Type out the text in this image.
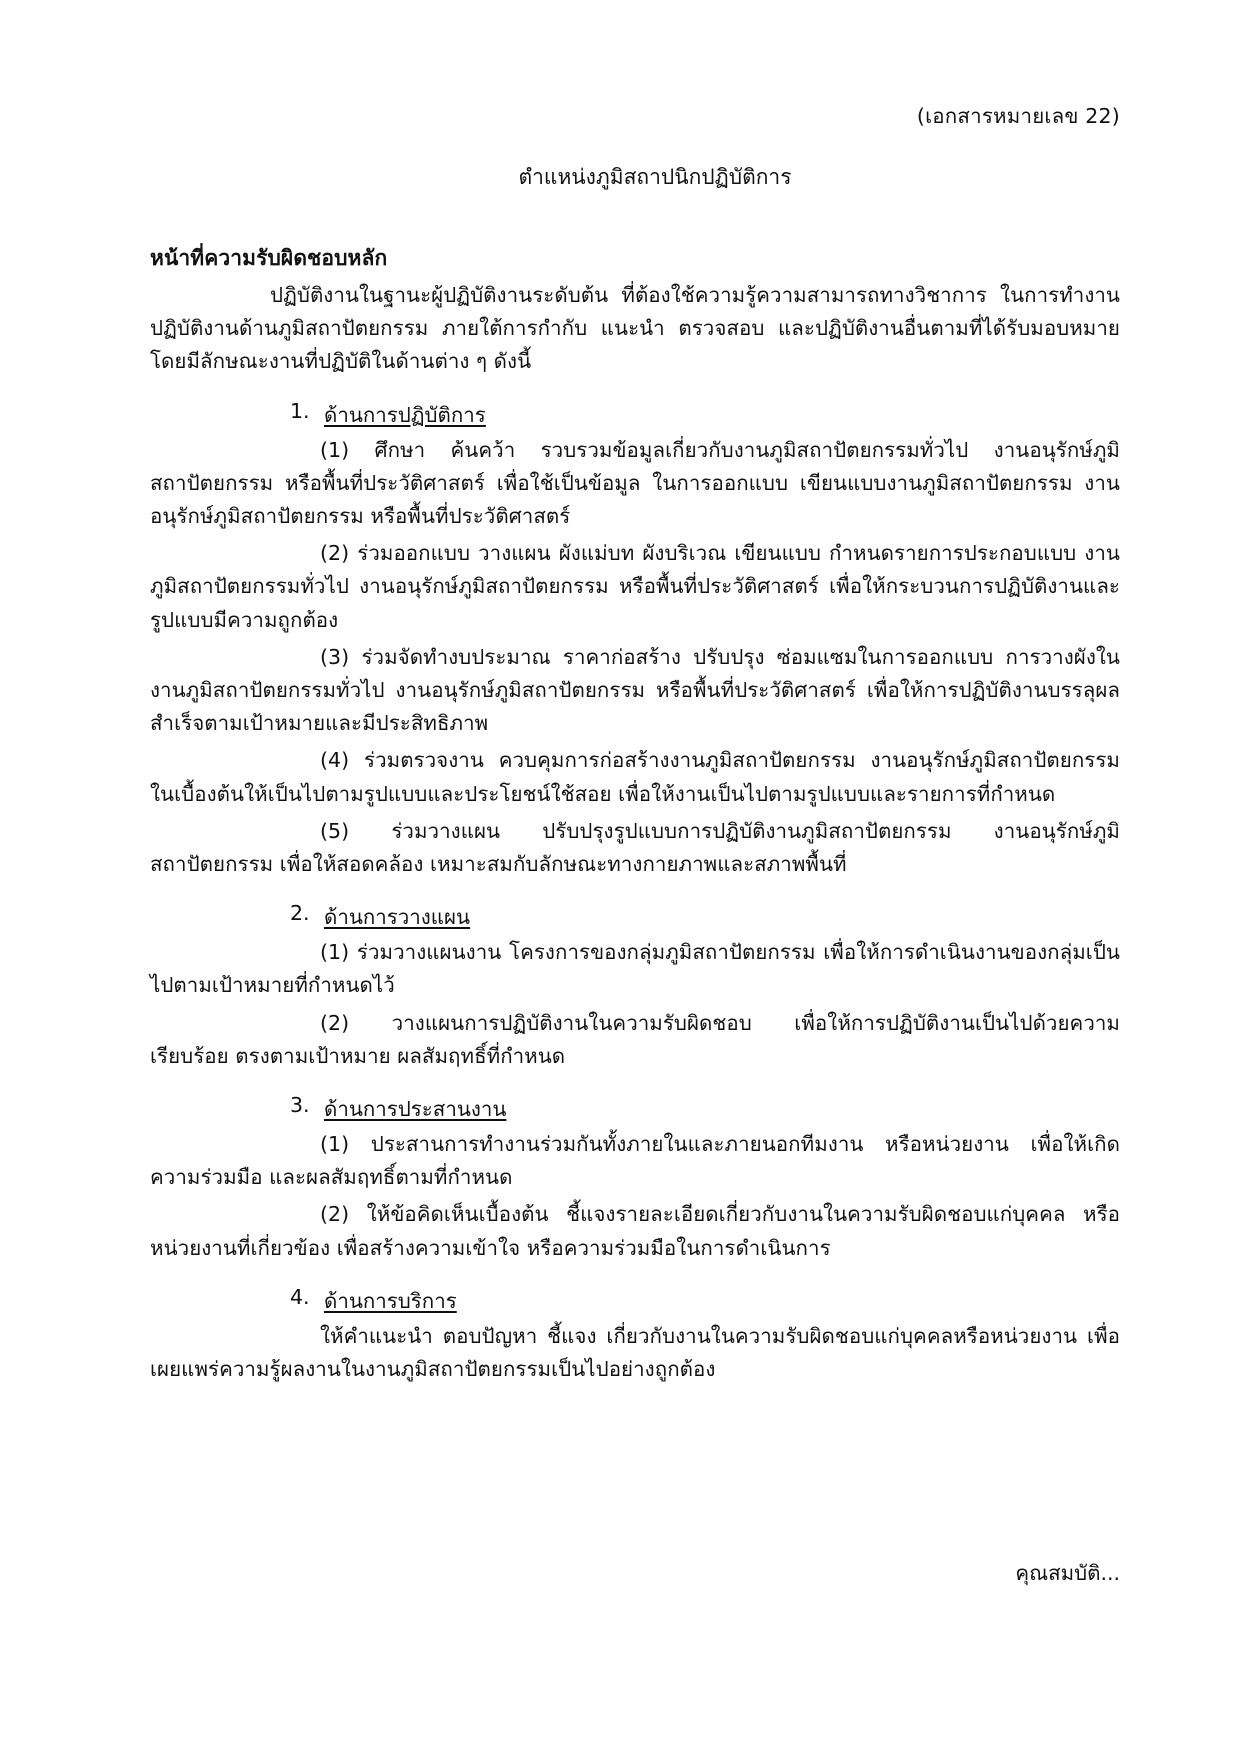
(เอกสารหมายเลข 22)
ตำแหน่งภูมิสถาปนิกปฏิบัติการ
หน้าที่ความรับผิดชอบหลัก

ปฏิบัติงานในฐานะผู้ปฏิบัติงานระดับต้น ที่ต้องใช้ความรู้ความสามารถทางวิชาการ ในการทำงาน ปฏิบัติงานด้านภูมิสถาปัตยกรรม ภายใต้การกำกับ แนะนำ ตรวจสอบ และปฏิบัติงานอื่นตามที่ได้รับมอบหมาย โดยมีลักษณะงานที่ปฏิบัติในด้านต่าง ๆ ดังนี้

1. ด้านการปฏิบัติการ

(1) ศึกษา ค้นคว้า รวบรวมข้อมูลเกี่ยวกับงานภูมิสถาปัตยกรรมทั่วไป งานอนุรักษ์ภูมิสถาปัตยกรรม หรือพื้นที่ประวัติศาสตร์ เพื่อใช้เป็นข้อมูล ในการออกแบบ เขียนแบบงานภูมิสถาปัตยกรรม งานอนุรักษ์ภูมิสถาปัตยกรรม หรือพื้นที่ประวัติศาสตร์

(2) ร่วมออกแบบ วางแผน ผังแม่บท ผังบริเวณ เขียนแบบ กำหนดรายการประกอบแบบ งานภูมิสถาปัตยกรรมทั่วไป งานอนุรักษ์ภูมิสถาปัตยกรรม หรือพื้นที่ประวัติศาสตร์ เพื่อให้กระบวนการปฏิบัติงานและรูปแบบมีความถูกต้อง

(3) ร่วมจัดทำงบประมาณ ราคาก่อสร้าง ปรับปรุง ซ่อมแซมในการออกแบบ การวางผังในงานภูมิสถาปัตยกรรมทั่วไป งานอนุรักษ์ภูมิสถาปัตยกรรม หรือพื้นที่ประวัติศาสตร์ เพื่อให้การปฏิบัติงานบรรลุผลสำเร็จตามเป้าหมายและมีประสิทธิภาพ

(4) ร่วมตรวจงาน ควบคุมการก่อสร้างงานภูมิสถาปัตยกรรม งานอนุรักษ์ภูมิสถาปัตยกรรม ในเบื้องต้นให้เป็นไปตามรูปแบบและประโยชน์ใช้สอย เพื่อให้งานเป็นไปตามรูปแบบและรายการที่กำหนด

(5) ร่วมวางแผน ปรับปรุงรูปแบบการปฏิบัติงานภูมิสถาปัตยกรรม งานอนุรักษ์ภูมิสถาปัตยกรรม เพื่อให้สอดคล้อง เหมาะสมกับลักษณะทางกายภาพและสภาพพื้นที่

2. ด้านการวางแผน

(1) ร่วมวางแผนงาน โครงการของกลุ่มภูมิสถาปัตยกรรม เพื่อให้การดำเนินงานของกลุ่มเป็นไปตามเป้าหมายที่กำหนดไว้

(2) วางแผนการปฏิบัติงานในความรับผิดชอบ เพื่อให้การปฏิบัติงานเป็นไปด้วยความเรียบร้อย ตรงตามเป้าหมาย ผลสัมฤทธิ์ที่กำหนด

3. ด้านการประสานงาน

(1) ประสานการทำงานร่วมกันทั้งภายในและภายนอกทีมงาน หรือหน่วยงาน เพื่อให้เกิดความร่วมมือ และผลสัมฤทธิ์ตามที่กำหนด

(2) ให้ข้อคิดเห็นเบื้องต้น ชี้แจงรายละเอียดเกี่ยวกับงานในความรับผิดชอบแก่บุคคล หรือหน่วยงานที่เกี่ยวข้อง เพื่อสร้างความเข้าใจ หรือความร่วมมือในการดำเนินการ

4. ด้านการบริการ

ให้คำแนะนำ ตอบปัญหา ชี้แจง เกี่ยวกับงานในความรับผิดชอบแก่บุคคลหรือหน่วยงาน เพื่อเผยแพร่ความรู้ผลงานในงานภูมิสถาปัตยกรรมเป็นไปอย่างถูกต้อง

คุณสมบัติ...
